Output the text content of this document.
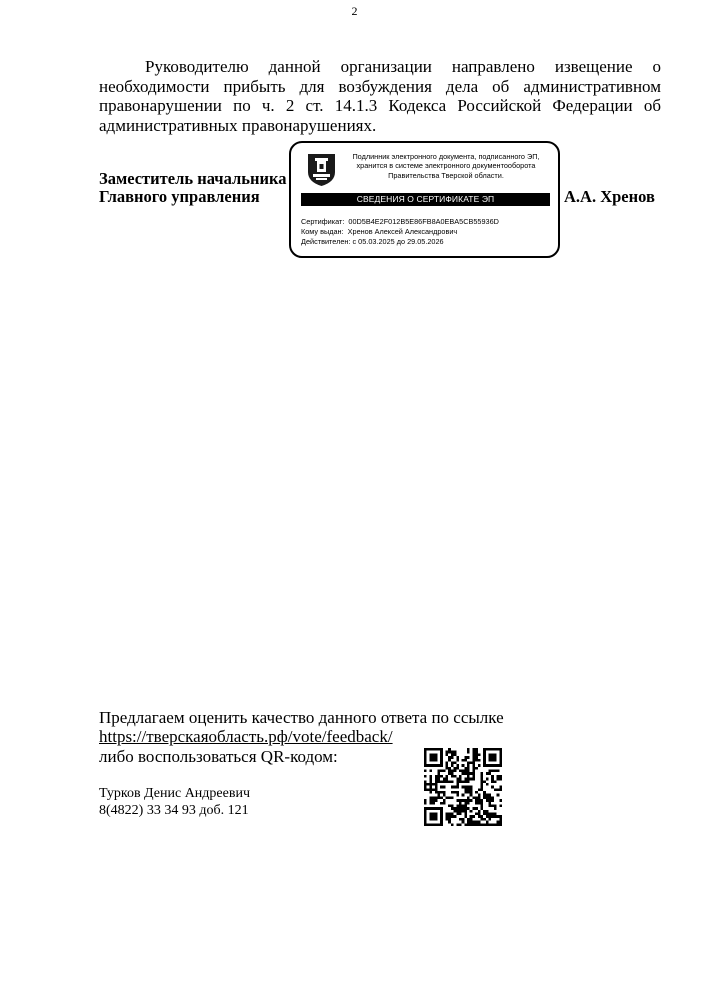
2

Руководителю данной организации направлено извещение о необходимости прибыть для возбуждения дела об административном правонарушении по ч. 2 ст. 14.1.3 Кодекса Российской Федерации об административных правонарушениях.

Заместитель начальника
Главного управления	А.А. Хренов
Подлинник электронного документа, подписанного ЭП, хранится в системе электронного документооборота Правительства Тверской области.
СВЕДЕНИЯ О СЕРТИФИКАТЕ ЭП
Сертификат: 00D5B4E2F012B5E86FB8A0EBA5CB55936D
Кому выдан: Хренов Алексей Александрович
Действителен: с 05.03.2025 до 29.05.2026
Предлагаем оценить качество данного ответа по ссылке
https://тверскаяобласть.рф/vote/feedback/
либо воспользоваться QR-кодом:
Турков Денис Андреевич
8(4822) 33 34 93 доб. 121
